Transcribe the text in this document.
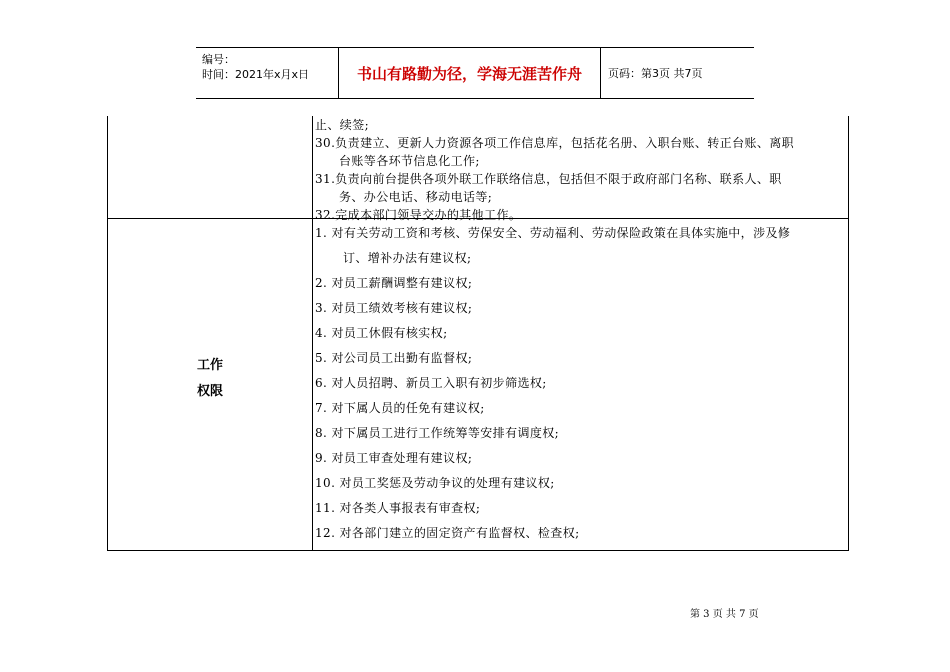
编号：
时间：2021年x月x日	书山有路勤为径，学海无涯苦作舟	页码：第3页 共7页
止、续签;
30.负责建立、更新人力资源各项工作信息库，包括花名册、入职台账、转正台账、离职
台账等各环节信息化工作;
31.负责向前台提供各项外联工作联络信息，包括但不限于政府部门名称、联系人、职
务、办公电话、移动电话等;
32.完成本部门领导交办的其他工作。
工作
权限
1. 对有关劳动工资和考核、劳保安全、劳动福利、劳动保险政策在具体实施中，涉及修
订、增补办法有建议权;
2. 对员工薪酬调整有建议权;
3. 对员工绩效考核有建议权;
4. 对员工休假有核实权;
5. 对公司员工出勤有监督权;
6. 对人员招聘、新员工入职有初步筛选权;
7. 对下属人员的任免有建议权;
8. 对下属员工进行工作统筹等安排有调度权;
9. 对员工审查处理有建议权;
10. 对员工奖惩及劳动争议的处理有建议权;
11. 对各类人事报表有审查权;
12. 对各部门建立的固定资产有监督权、检查权;
第 3 页 共 7 页
